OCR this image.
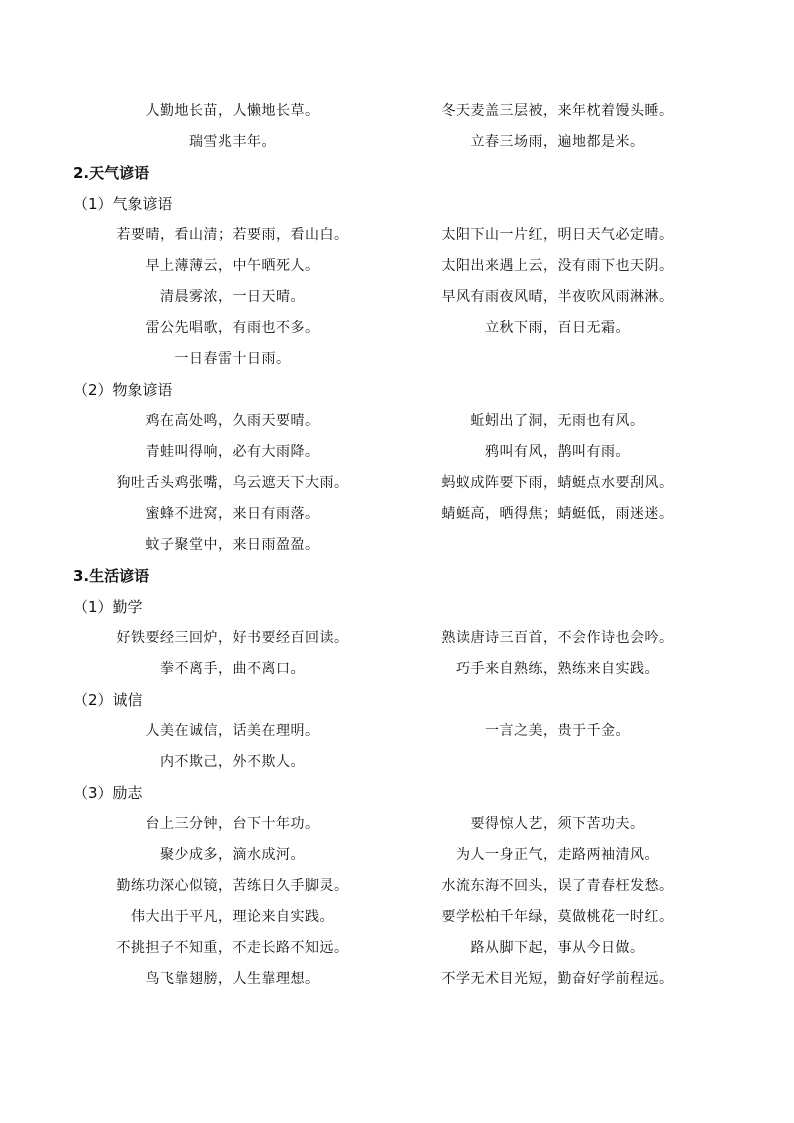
人勤地长苗，人懒地长草。	冬天麦盖三层被，来年枕着馒头睡。
瑞雪兆丰年。	立春三场雨，遍地都是米。
2.天气谚语
（1）气象谚语
若要晴，看山清；若要雨，看山白。	太阳下山一片红，明日天气必定晴。
早上薄薄云，中午晒死人。	太阳出来遇上云，没有雨下也天阴。
清晨雾浓，一日天晴。	早风有雨夜风晴，半夜吹风雨淋淋。
雷公先唱歌，有雨也不多。	立秋下雨，百日无霜。
一日春雷十日雨。
（2）物象谚语
鸡在高处鸣，久雨天要晴。	蚯蚓出了洞，无雨也有风。
青蛙叫得响，必有大雨降。	鸦叫有风，鹊叫有雨。
狗吐舌头鸡张嘴，乌云遮天下大雨。	蚂蚁成阵要下雨，蜻蜓点水要刮风。
蜜蜂不进窝，来日有雨落。	蜻蜓高，晒得焦；蜻蜓低，雨迷迷。
蚊子聚堂中，来日雨盈盈。
3.生活谚语
（1）勤学
好铁要经三回炉，好书要经百回读。	熟读唐诗三百首，不会作诗也会吟。
拳不离手，曲不离口。	巧手来自熟练，熟练来自实践。
（2）诚信
人美在诚信，话美在理明。	一言之美，贵于千金。
内不欺己，外不欺人。
（3）励志
台上三分钟，台下十年功。	要得惊人艺，须下苦功夫。
聚少成多，滴水成河。	为人一身正气，走路两袖清风。
勤练功深心似镜，苦练日久手脚灵。	水流东海不回头，误了青春枉发愁。
伟大出于平凡，理论来自实践。	要学松柏千年绿，莫做桃花一时红。
不挑担子不知重，不走长路不知远。	路从脚下起，事从今日做。
鸟飞靠翅膀，人生靠理想。	不学无术目光短，勤奋好学前程远。
